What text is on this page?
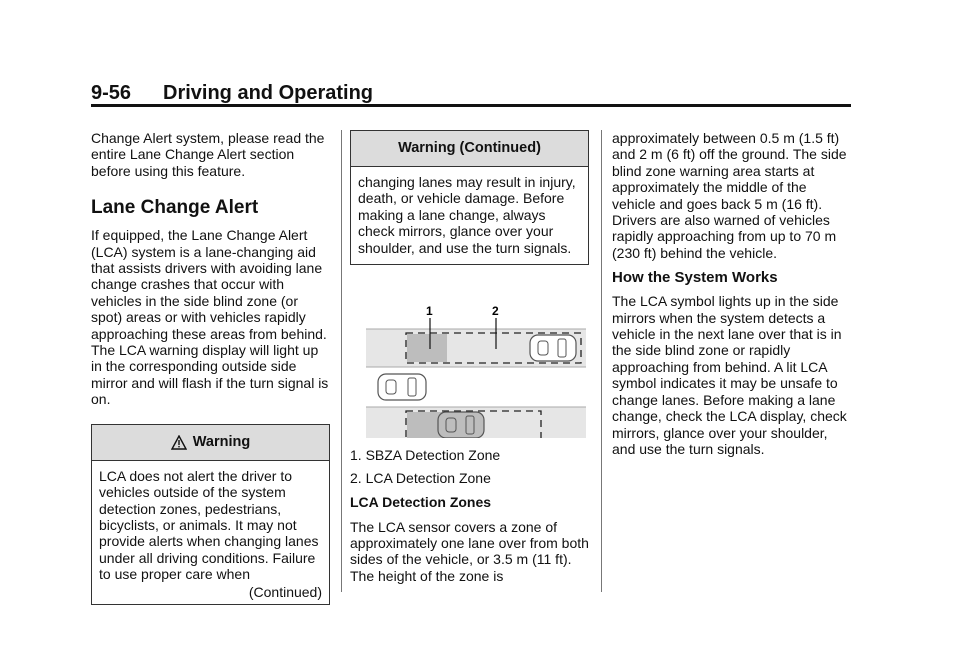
9-56 Driving and Operating

Change Alert system, please read the entire Lane Change Alert section before using this feature.

Lane Change Alert

If equipped, the Lane Change Alert (LCA) system is a lane-changing aid that assists drivers with avoiding lane change crashes that occur with vehicles in the side blind zone (or spot) areas or with vehicles rapidly approaching these areas from behind. The LCA warning display will light up in the corresponding outside side mirror and will flash if the turn signal is on.

Warning

LCA does not alert the driver to vehicles outside of the system detection zones, pedestrians, bicyclists, or animals. It may not provide alerts when changing lanes under all driving conditions. Failure to use proper care when

(Continued)
Warning (Continued)

changing lanes may result in injury, death, or vehicle damage. Before making a lane change, always check mirrors, glance over your shoulder, and use the turn signals.

1	2

1. SBZA Detection Zone

2. LCA Detection Zone

LCA Detection Zones

The LCA sensor covers a zone of approximately one lane over from both sides of the vehicle, or 3.5 m (11 ft). The height of the zone is

approximately between 0.5 m (1.5 ft) and 2 m (6 ft) off the ground. The side blind zone warning area starts at approximately the middle of the vehicle and goes back 5 m (16 ft). Drivers are also warned of vehicles rapidly approaching from up to 70 m (230 ft) behind the vehicle.

How the System Works

The LCA symbol lights up in the side mirrors when the system detects a vehicle in the next lane over that is in the side blind zone or rapidly approaching from behind. A lit LCA symbol indicates it may be unsafe to change lanes. Before making a lane change, check the LCA display, check mirrors, glance over your shoulder, and use the turn signals.
